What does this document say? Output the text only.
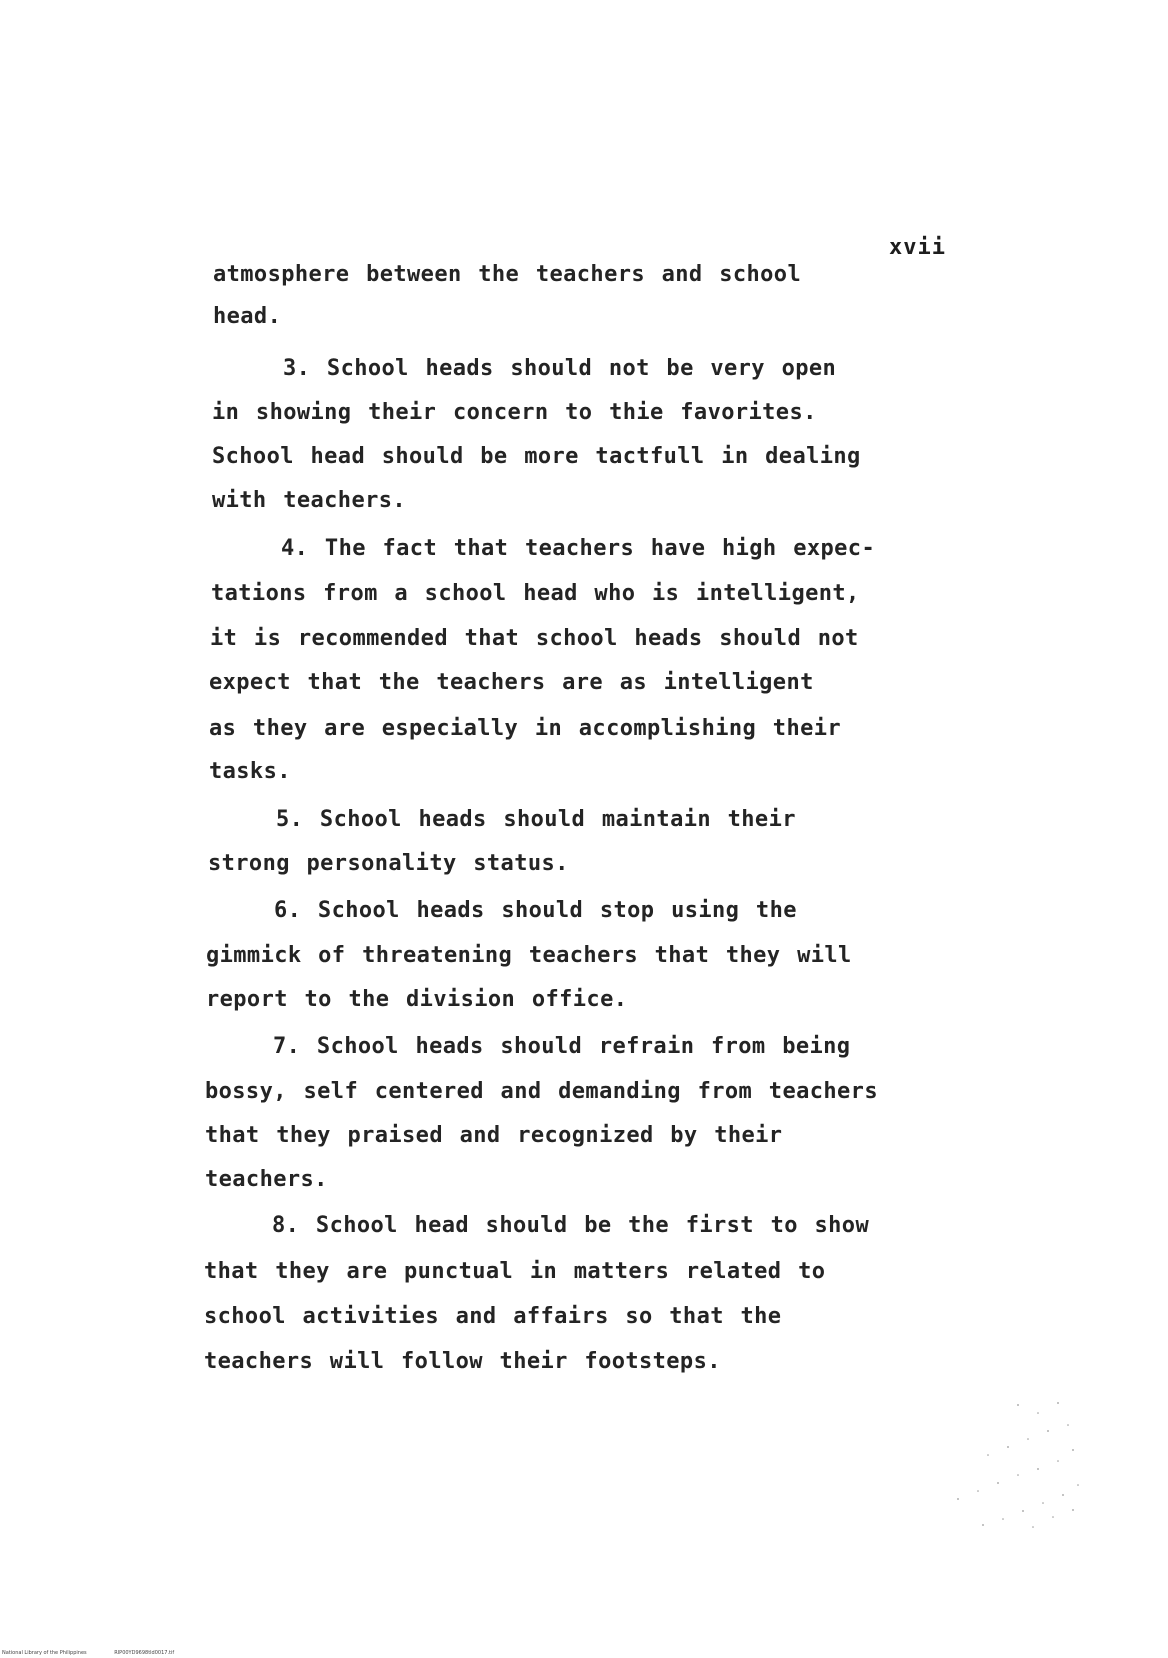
xvii
atmosphere between the teachers and school
head.
3. School heads should not be very open
in showing their concern to thie favorites.
School head should be more tactfull in dealing
with teachers.
4. The fact that teachers have high expec-
tations from a school head who is intelligent,
it is recommended that school heads should not
expect that the teachers are as intelligent
as they are especially in accomplishing their
tasks.
5. School heads should maintain their
strong personality status.
6. School heads should stop using the
gimmick of threatening teachers that they will
report to the division office.
7. School heads should refrain from being
bossy, self centered and demanding from teachers
that they praised and recognized by their
teachers.
8. School head should be the first to show
that they are punctual in matters related to
school activities and affairs so that the
teachers will follow their footsteps.
National Library of the Philippines	RIP00YD9698tld0017.tif
